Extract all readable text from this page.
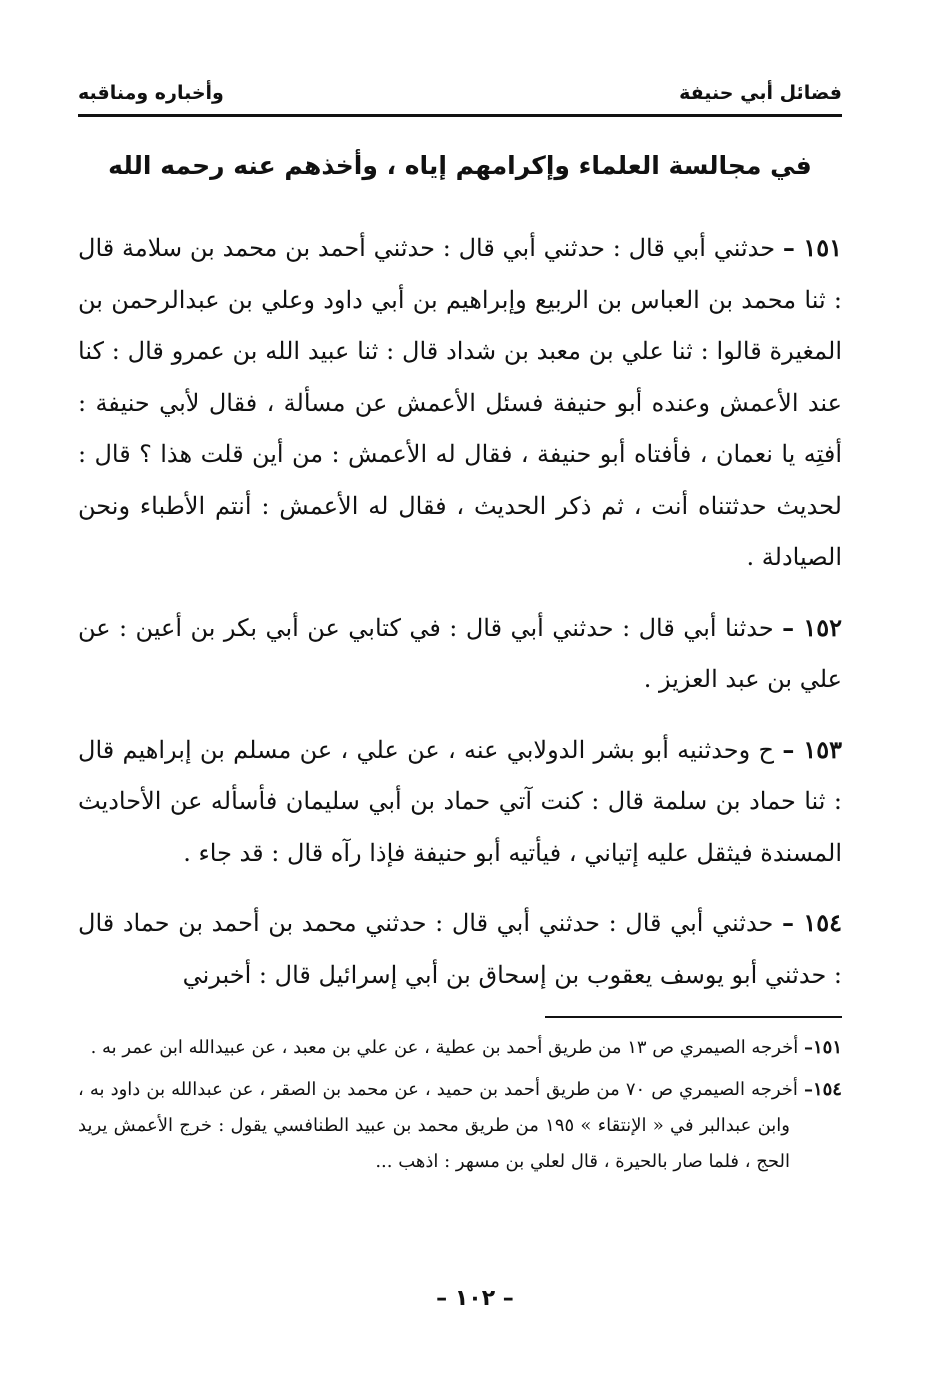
فضائل أبي حنيفة
وأخباره ومناقبه
في مجالسة العلماء وإكرامهم إياه ، وأخذهم عنه رحمه الله

١٥١ – حدثني أبي قال : حدثني أبي قال : حدثني أحمد بن محمد بن سلامة قال : ثنا محمد بن العباس بن الربيع وإبراهيم بن أبي داود وعلي بن عبدالرحمن بن المغيرة قالوا : ثنا علي بن معبد بن شداد قال : ثنا عبيد الله بن عمرو قال : كنا عند الأعمش وعنده أبو حنيفة فسئل الأعمش عن مسألة ، فقال لأبي حنيفة : أفتِه يا نعمان ، فأفتاه أبو حنيفة ، فقال له الأعمش : من أين قلت هذا ؟ قال : لحديث حدثتناه أنت ، ثم ذكر الحديث ، فقال له الأعمش : أنتم الأطباء ونحن الصيادلة .

١٥٢ – حدثنا أبي قال : حدثني أبي قال : في كتابي عن أبي بكر بن أعين : عن علي بن عبد العزيز .

١٥٣ – ح وحدثنيه أبو بشر الدولابي عنه ، عن علي ، عن مسلم بن إبراهيم قال : ثنا حماد بن سلمة قال : كنت آتي حماد بن أبي سليمان فأسأله عن الأحاديث المسندة فيثقل عليه إتياني ، فيأتيه أبو حنيفة فإذا رآه قال : قد جاء .

١٥٤ – حدثني أبي قال : حدثني أبي قال : حدثني محمد بن أحمد بن حماد قال : حدثني أبو يوسف يعقوب بن إسحاق بن أبي إسرائيل قال : أخبرني

١٥١– أخرجه الصيمري ص ١٣ من طريق أحمد بن عطية ، عن علي بن معبد ، عن عبيدالله ابن عمر به .

١٥٤– أخرجه الصيمري ص ٧٠ من طريق أحمد بن حميد ، عن محمد بن الصقر ، عن عبدالله بن داود به ، وابن عبدالبر في « الإنتقاء » ١٩٥ من طريق محمد بن عبيد الطنافسي يقول : خرج الأعمش يريد الحج ، فلما صار بالحيرة ، قال لعلي بن مسهر : اذهب ...

– ١٠٢ –
